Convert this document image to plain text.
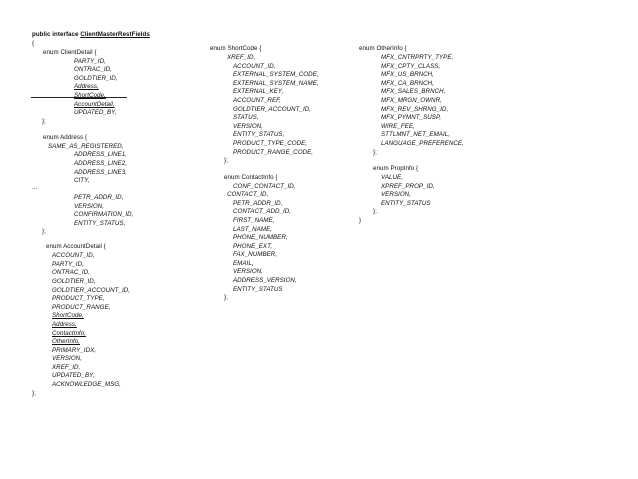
public interface ClientMasterRestFields
{
enum ClientDetail {
PARTY_ID,
ONTRAC_ID,
GOLDTIER_ID,
Address,
ShortCode,
AccountDetail,
UPDATED_BY,
};
enum Address {
SAME_AS_REGISTERED,
ADDRESS_LINE1,
ADDRESS_LINE2,
ADDRESS_LINE3,
CITY,
...
PETR_ADDR_ID,
VERSION,
CONFIRMATION_ID,
ENTITY_STATUS,
};
enum AccountDetail {
ACCOUNT_ID,
PARTY_ID,
ONTRAC_ID,
GOLDTIER_ID,
GOLDTIER_ACCOUNT_ID,
PRODUCT_TYPE,
PRODUCT_RANGE,
ShortCode,
Address,
ContactInfo,
OtherInfo,
PRIMARY_IDX,
VERSION,
XREF_ID,
UPDATED_BY,
ACKNOWLEDGE_MSG,
};
enum ShortCode {
XREF_ID,
ACCOUNT_ID,
EXTERNAL_SYSTEM_CODE,
EXTERNAL_SYSTEM_NAME,
EXTERNAL_KEY,
ACCOUNT_REF,
GOLDTIER_ACCOUNT_ID,
STATUS,
VERSION,
ENTITY_STATUS,
PRODUCT_TYPE_CODE,
PRODUCT_RANGE_CODE,
};
enum ContactInfo {
CONF_CONTACT_ID,
CONTACT_ID,
PETR_ADDR_ID,
CONTACT_ADD_ID,
FIRST_NAME,
LAST_NAME,
PHONE_NUMBER,
PHONE_EXT,
FAX_NUMBER,
EMAIL,
VERSION,
ADDRESS_VERSION,
ENTITY_STATUS
};
enum OtherInfo {
MFX_CNTRPRTY_TYPE,
MFX_CPTY_CLASS,
MFX_US_BRNCH,
MFX_CA_BRNCH,
MFX_SALES_BRNCH,
MFX_MRGN_OWNR,
MFX_REV_SHRNG_ID,
MFX_PYMNT_SUSP,
WIRE_FEE,
STTLMNT_NET_EMAIL,
LANGUAGE_PREFERENCE,
};
enum PropInfo {
VALUE,
XPREF_PROP_ID,
VERSION,
ENTITY_STATUS
};
}
